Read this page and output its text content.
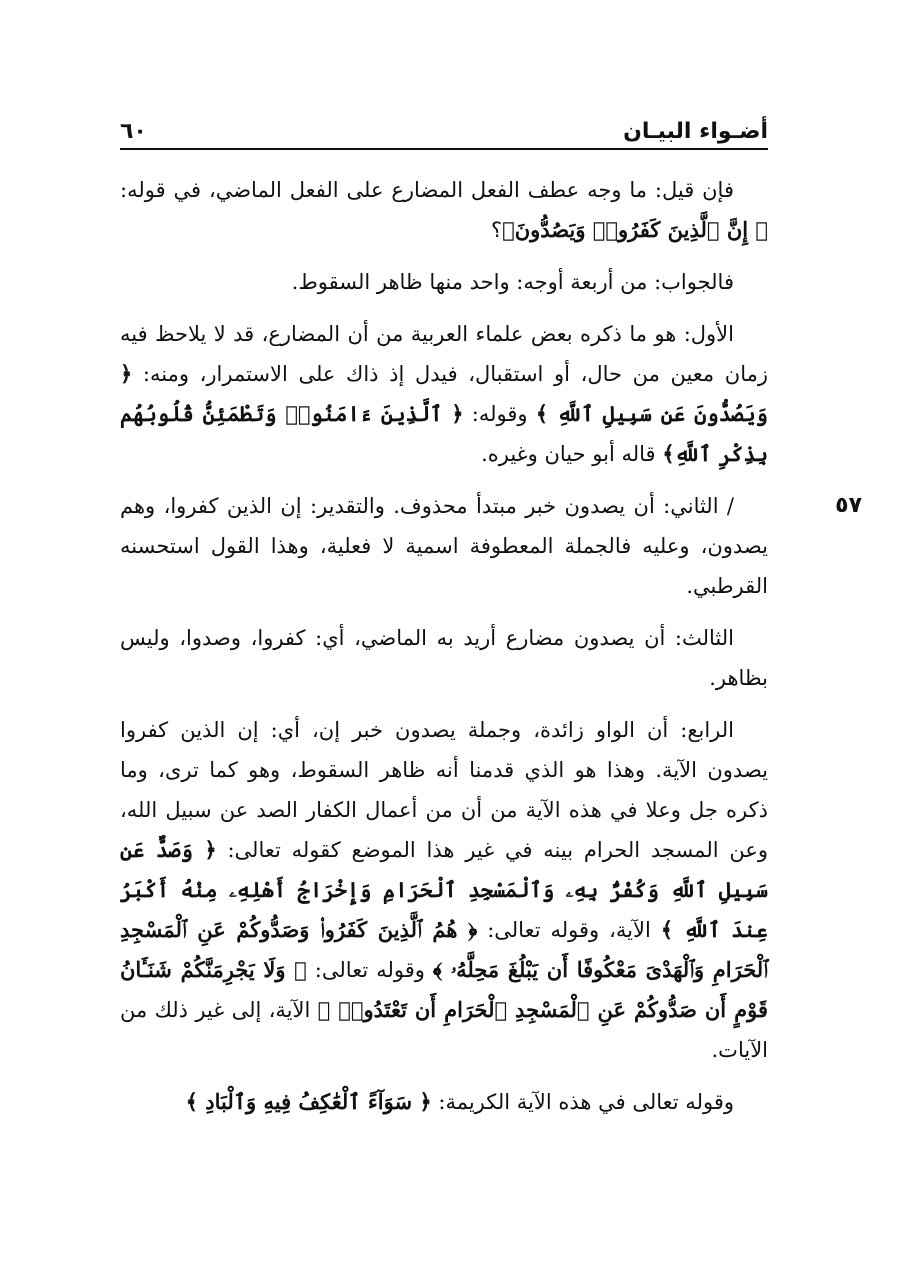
أضـواء البيـان
٦٠

فإن قيل: ما وجه عطف الفعل المضارع على الفعل الماضي، في قوله: ﴿ إِنَّ ٱلَّذِينَ كَفَرُوا۟ وَيَصُدُّونَ﴾؟

فالجواب: من أربعة أوجه: واحد منها ظاهر السقوط.

الأول: هو ما ذكره بعض علماء العربية من أن المضارع، قد لا يلاحظ فيه زمان معين من حال، أو استقبال، فيدل إذ ذاك على الاستمرار، ومنه: ﴿ وَيَصُدُّونَ عَن سَبِيلِ ٱللَّهِ ﴾ وقوله: ﴿ ٱلَّذِينَ ءَامَنُوا۟ وَتَطْمَئِنُّ قُلُوبُهُم بِذِكْرِ ٱللَّهِ﴾ قاله أبو حيان وغيره.

٥٧
/ الثاني: أن يصدون خبر مبتدأ محذوف. والتقدير: إن الذين كفروا، وهم يصدون، وعليه فالجملة المعطوفة اسمية لا فعلية، وهذا القول استحسنه القرطبي.

الثالث: أن يصدون مضارع أريد به الماضي، أي: كفروا، وصدوا، وليس بظاهر.

الرابع: أن الواو زائدة، وجملة يصدون خبر إن، أي: إن الذين كفروا يصدون الآية. وهذا هو الذي قدمنا أنه ظاهر السقوط، وهو كما ترى، وما ذكره جل وعلا في هذه الآية من أن من أعمال الكفار الصد عن سبيل الله، وعن المسجد الحرام بينه في غير هذا الموضع كقوله تعالى: ﴿ وَصَدٌّ عَن سَبِيلِ ٱللَّهِ وَكُفْرٌۢ بِهِۦ وَٱلْمَسْجِدِ ٱلْحَرَامِ وَإِخْرَاجُ أَهْلِهِۦ مِنْهُ أَكْبَرُ عِندَ ٱللَّهِ ﴾ الآية، وقوله تعالى: ﴿ هُمُ ٱلَّذِينَ كَفَرُوا۟ وَصَدُّوكُمْ عَنِ ٱلْمَسْجِدِ ٱلْحَرَامِ وَٱلْهَدْىَ مَعْكُوفًا أَن يَبْلُغَ مَحِلَّهُۥ ﴾ وقوله تعالى: ﴿ وَلَا يَجْرِمَنَّكُمْ شَنَـَٔانُ قَوْمٍ أَن صَدُّوكُمْ عَنِ ٱلْمَسْجِدِ ٱلْحَرَامِ أَن تَعْتَدُوا۟ ﴾ الآية، إلى غير ذلك من الآيات.

وقوله تعالى في هذه الآية الكريمة: ﴿ سَوَآءً ٱلْعَٰكِفُ فِيهِ وَٱلْبَادِ ﴾
